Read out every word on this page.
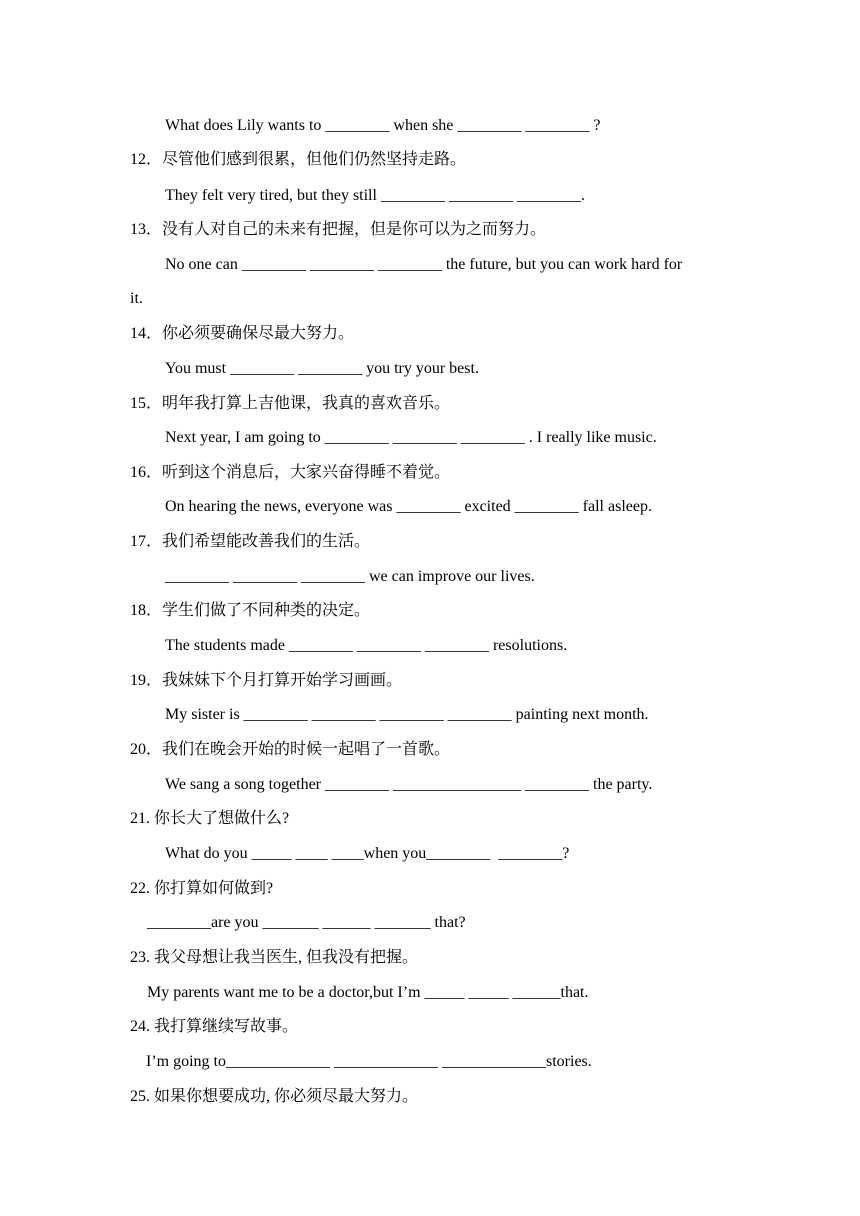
What does Lily wants to ________ when she ________ ________ ?
12．尽管他们感到很累，但他们仍然坚持走路。
They felt very tired, but they still ________ ________ ________.
13．没有人对自己的未来有把握，但是你可以为之而努力。
No one can ________ ________ ________ the future, but you can work hard for
it.
14．你必须要确保尽最大努力。
You must ________ ________ you try your best.
15．明年我打算上吉他课，我真的喜欢音乐。
Next year, I am going to ________ ________ ________ . I really like music.
16．听到这个消息后，大家兴奋得睡不着觉。
On hearing the news, everyone was ________ excited ________ fall asleep.
17．我们希望能改善我们的生活。
________ ________ ________ we can improve our lives.
18．学生们做了不同种类的决定。
The students made ________ ________ ________ resolutions.
19．我妹妹下个月打算开始学习画画。
My sister is ________ ________ ________ ________ painting next month.
20．我们在晚会开始的时候一起唱了一首歌。
We sang a song together ________ ________________ ________ the party.
21. 你长大了想做什么?
What do you _____ ____ ____when you________  ________?
22. 你打算如何做到?
________are you _______ ______ _______ that?
23. 我父母想让我当医生, 但我没有把握。
My parents want me to be a doctor,but I’m _____ _____ ______that.
24. 我打算继续写故事。
I’m going to_____________ _____________ _____________stories.
25. 如果你想要成功, 你必须尽最大努力。
